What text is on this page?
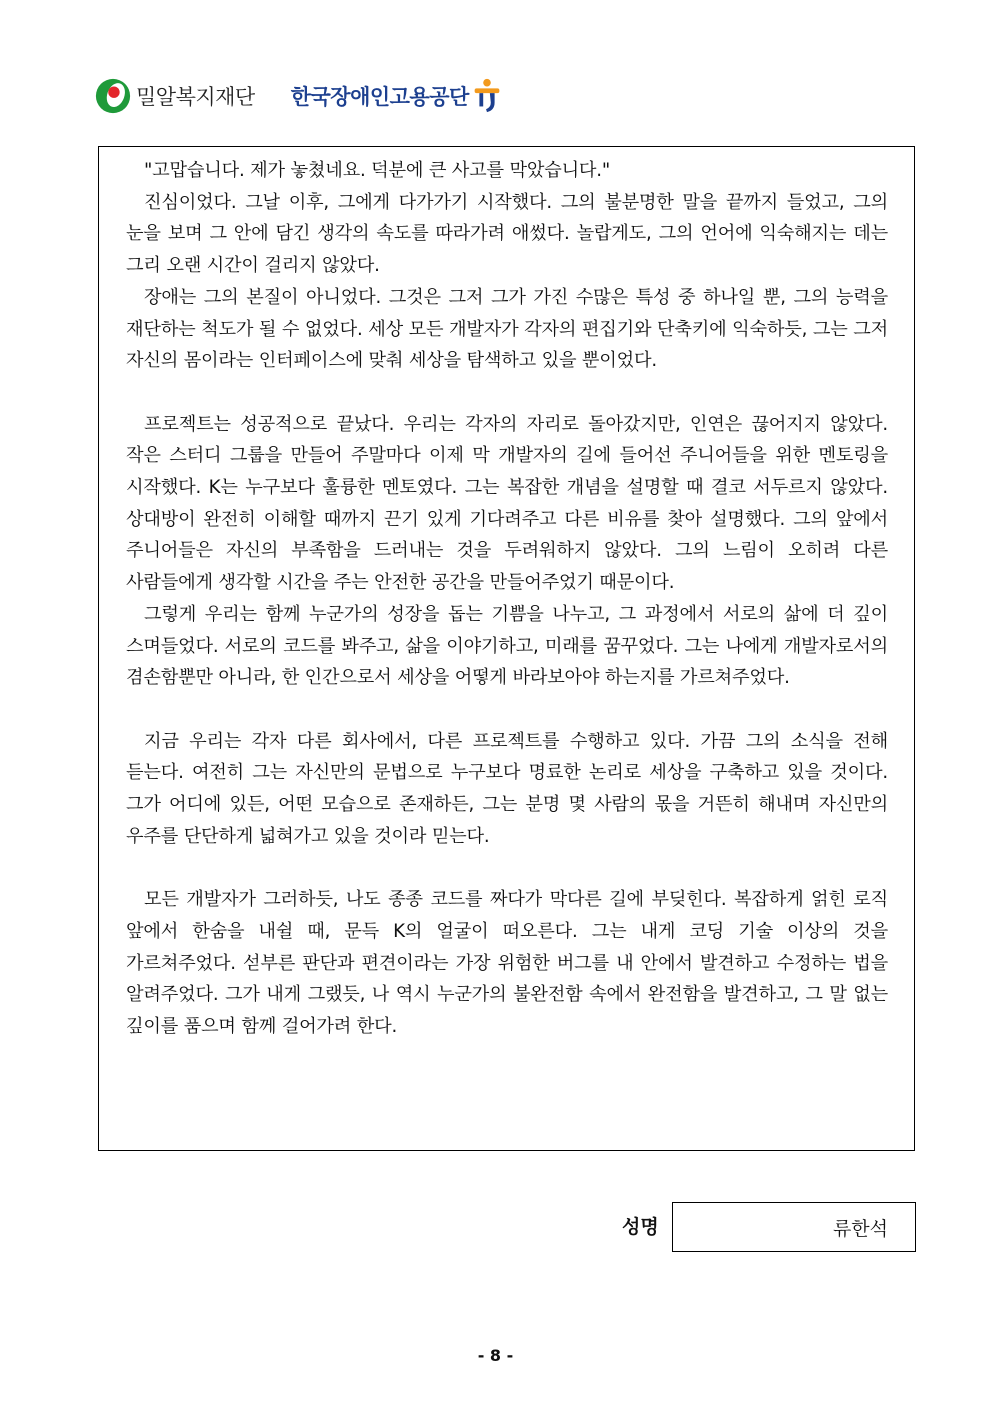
밀알복지재단 한국장애인고용공단

"고맙습니다. 제가 놓쳤네요. 덕분에 큰 사고를 막았습니다."

진심이었다. 그날 이후, 그에게 다가가기 시작했다. 그의 불분명한 말을 끝까지 들었고, 그의 눈을 보며 그 안에 담긴 생각의 속도를 따라가려 애썼다. 놀랍게도, 그의 언어에 익숙해지는 데는 그리 오랜 시간이 걸리지 않았다.

장애는 그의 본질이 아니었다. 그것은 그저 그가 가진 수많은 특성 중 하나일 뿐, 그의 능력을 재단하는 척도가 될 수 없었다. 세상 모든 개발자가 각자의 편집기와 단축키에 익숙하듯, 그는 그저 자신의 몸이라는 인터페이스에 맞춰 세상을 탐색하고 있을 뿐이었다.

프로젝트는 성공적으로 끝났다. 우리는 각자의 자리로 돌아갔지만, 인연은 끊어지지 않았다. 작은 스터디 그룹을 만들어 주말마다 이제 막 개발자의 길에 들어선 주니어들을 위한 멘토링을 시작했다. K는 누구보다 훌륭한 멘토였다. 그는 복잡한 개념을 설명할 때 결코 서두르지 않았다. 상대방이 완전히 이해할 때까지 끈기 있게 기다려주고 다른 비유를 찾아 설명했다. 그의 앞에서 주니어들은 자신의 부족함을 드러내는 것을 두려워하지 않았다. 그의 느림이 오히려 다른 사람들에게 생각할 시간을 주는 안전한 공간을 만들어주었기 때문이다.

그렇게 우리는 함께 누군가의 성장을 돕는 기쁨을 나누고, 그 과정에서 서로의 삶에 더 깊이 스며들었다. 서로의 코드를 봐주고, 삶을 이야기하고, 미래를 꿈꾸었다. 그는 나에게 개발자로서의 겸손함뿐만 아니라, 한 인간으로서 세상을 어떻게 바라보아야 하는지를 가르쳐주었다.

지금 우리는 각자 다른 회사에서, 다른 프로젝트를 수행하고 있다. 가끔 그의 소식을 전해 듣는다. 여전히 그는 자신만의 문법으로 누구보다 명료한 논리로 세상을 구축하고 있을 것이다. 그가 어디에 있든, 어떤 모습으로 존재하든, 그는 분명 몇 사람의 몫을 거뜬히 해내며 자신만의 우주를 단단하게 넓혀가고 있을 것이라 믿는다.

모든 개발자가 그러하듯, 나도 종종 코드를 짜다가 막다른 길에 부딪힌다. 복잡하게 얽힌 로직 앞에서 한숨을 내쉴 때, 문득 K의 얼굴이 떠오른다. 그는 내게 코딩 기술 이상의 것을 가르쳐주었다. 섣부른 판단과 편견이라는 가장 위험한 버그를 내 안에서 발견하고 수정하는 법을 알려주었다. 그가 내게 그랬듯, 나 역시 누군가의 불완전함 속에서 완전함을 발견하고, 그 말 없는 깊이를 품으며 함께 걸어가려 한다.

성명	류한석
- 8 -
